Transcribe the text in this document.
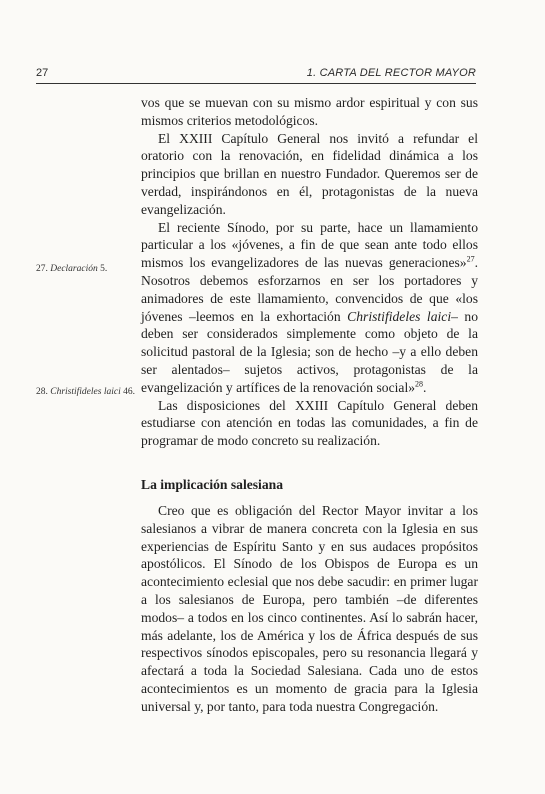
27	1. CARTA DEL RECTOR MAYOR

vos que se muevan con su mismo ardor espiritual y con sus mismos criterios metodológicos.

El XXIII Capítulo General nos invitó a refundar el oratorio con la renovación, en fidelidad dinámica a los principios que brillan en nuestro Fundador. Queremos ser de verdad, inspirándonos en él, protagonistas de la nueva evangelización.

El reciente Sínodo, por su parte, hace un llamamiento particular a los «jóvenes, a fin de que sean ante todo ellos mismos los evangelizadores de las nuevas generaciones»$^{27}$. Nosotros debemos esforzarnos en ser los portadores y animadores de este llamamiento, convencidos de que «los jóvenes –leemos en la exhortación Christifideles laici– no deben ser considerados simplemente como objeto de la solicitud pastoral de la Iglesia; son de hecho –y a ello deben ser alentados– sujetos activos, protagonistas de la evangelización y artífices de la renovación social»$^{28}$.

Las disposiciones del XXIII Capítulo General deben estudiarse con atención en todas las comunidades, a fin de programar de modo concreto su realización.

27. Declaración 5.
28. Christifideles laici 46.
La implicación salesiana

Creo que es obligación del Rector Mayor invitar a los salesianos a vibrar de manera concreta con la Iglesia en sus experiencias de Espíritu Santo y en sus audaces propósitos apostólicos. El Sínodo de los Obispos de Europa es un acontecimiento eclesial que nos debe sacudir: en primer lugar a los salesianos de Europa, pero también –de diferentes modos– a todos en los cinco continentes. Así lo sabrán hacer, más adelante, los de América y los de África después de sus respectivos sínodos episcopales, pero su resonancia llegará y afectará a toda la Sociedad Salesiana. Cada uno de estos acontecimientos es un momento de gracia para la Iglesia universal y, por tanto, para toda nuestra Congregación.
